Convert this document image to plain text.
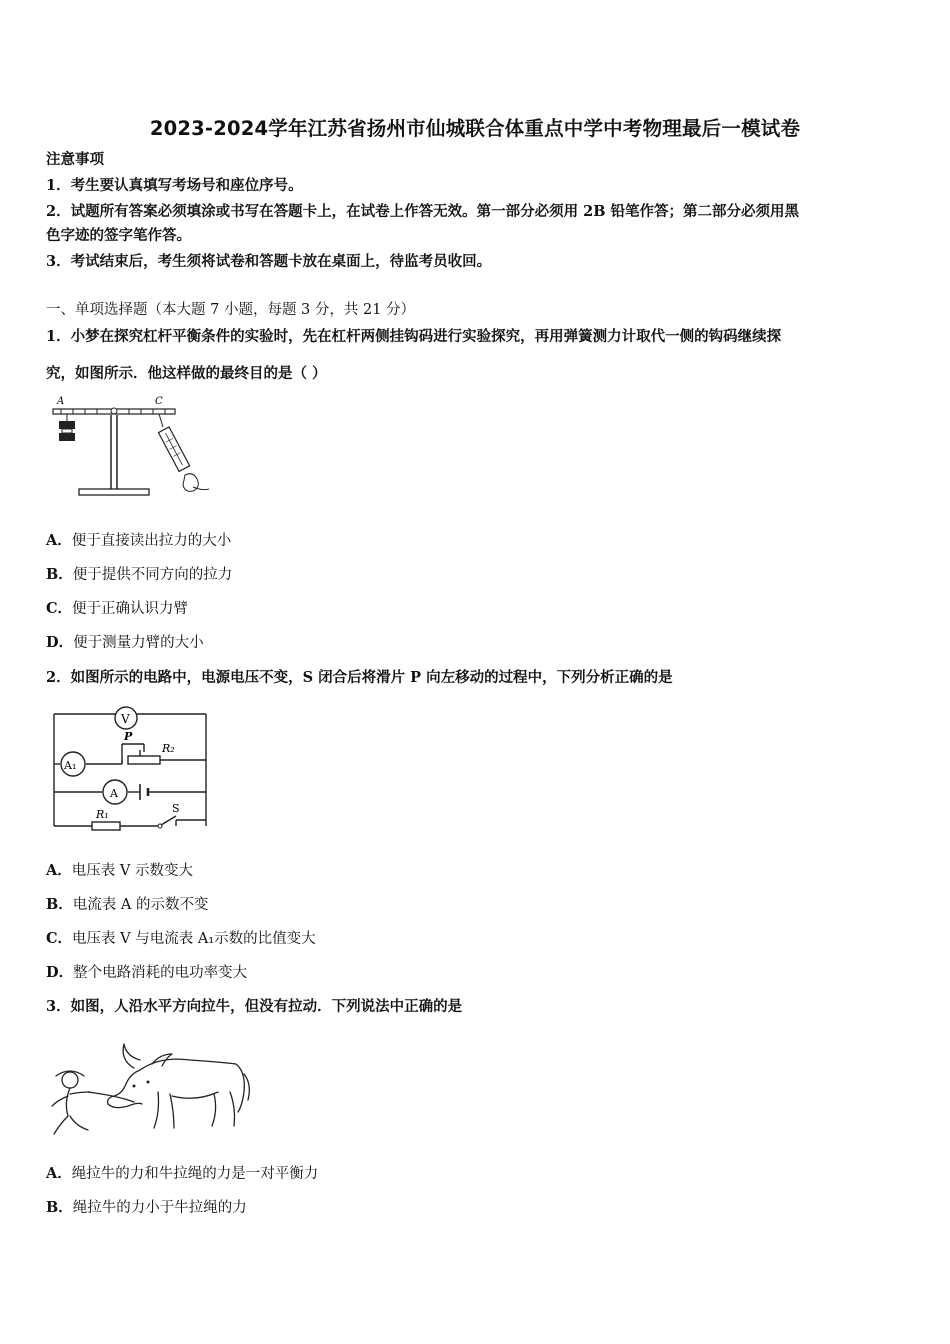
2023-2024学年江苏省扬州市仙城联合体重点中学中考物理最后一模试卷
注意事项
1．考生要认真填写考场号和座位序号。
2．试题所有答案必须填涂或书写在答题卡上，在试卷上作答无效。第一部分必须用 2B 铅笔作答；第二部分必须用黑
色字迹的签字笔作答。
3．考试结束后，考生须将试卷和答题卡放在桌面上，待监考员收回。
一、单项选择题（本大题 7 小题，每题 3 分，共 21 分）
1．小梦在探究杠杆平衡条件的实验时，先在杠杆两侧挂钩码进行实验探究，再用弹簧测力计取代一侧的钩码继续探
究，如图所示．他这样做的最终目的是（ ）
A	C
A．便于直接读出拉力的大小
B．便于提供不同方向的拉力
C．便于正确认识力臂
D．便于测量力臂的大小
2．如图所示的电路中，电源电压不变，S 闭合后将滑片 P 向左移动的过程中，下列分析正确的是
V
A₁
P
R₂
A
R₁	S
A．电压表 V 示数变大
B．电流表 A 的示数不变
C．电压表 V 与电流表 A₁示数的比值变大
D．整个电路消耗的电功率变大
3．如图，人沿水平方向拉牛，但没有拉动．下列说法中正确的是
A．绳拉牛的力和牛拉绳的力是一对平衡力
B．绳拉牛的力小于牛拉绳的力
